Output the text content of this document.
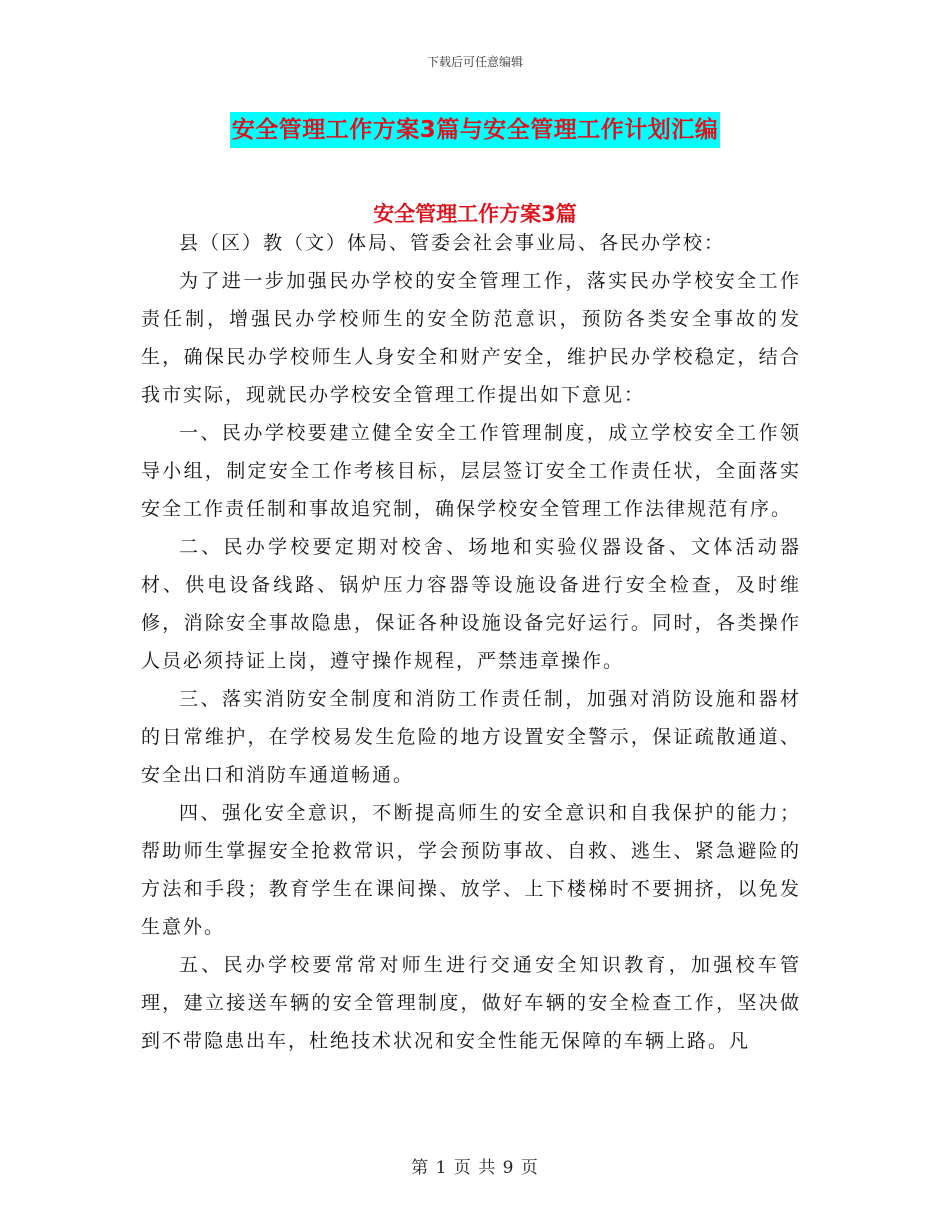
下载后可任意编辑
安全管理工作方案3篇与安全管理工作计划汇编
安全管理工作方案3篇

县（区）教（文）体局、管委会社会事业局、各民办学校：

为了进一步加强民办学校的安全管理工作，落实民办学校安全工作责任制，增强民办学校师生的安全防范意识，预防各类安全事故的发生，确保民办学校师生人身安全和财产安全，维护民办学校稳定，结合我市实际，现就民办学校安全管理工作提出如下意见：

一、民办学校要建立健全安全工作管理制度，成立学校安全工作领导小组，制定安全工作考核目标，层层签订安全工作责任状，全面落实安全工作责任制和事故追究制，确保学校安全管理工作法律规范有序。

二、民办学校要定期对校舍、场地和实验仪器设备、文体活动器材、供电设备线路、锅炉压力容器等设施设备进行安全检查，及时维修，消除安全事故隐患，保证各种设施设备完好运行。同时，各类操作人员必须持证上岗，遵守操作规程，严禁违章操作。

三、落实消防安全制度和消防工作责任制，加强对消防设施和器材的日常维护，在学校易发生危险的地方设置安全警示，保证疏散通道、安全出口和消防车通道畅通。

四、强化安全意识，不断提高师生的安全意识和自我保护的能力；帮助师生掌握安全抢救常识，学会预防事故、自救、逃生、紧急避险的方法和手段；教育学生在课间操、放学、上下楼梯时不要拥挤，以免发生意外。

五、民办学校要常常对师生进行交通安全知识教育，加强校车管理，建立接送车辆的安全管理制度，做好车辆的安全检查工作，坚决做到不带隐患出车，杜绝技术状况和安全性能无保障的车辆上路。凡

第 1 页 共 9 页
